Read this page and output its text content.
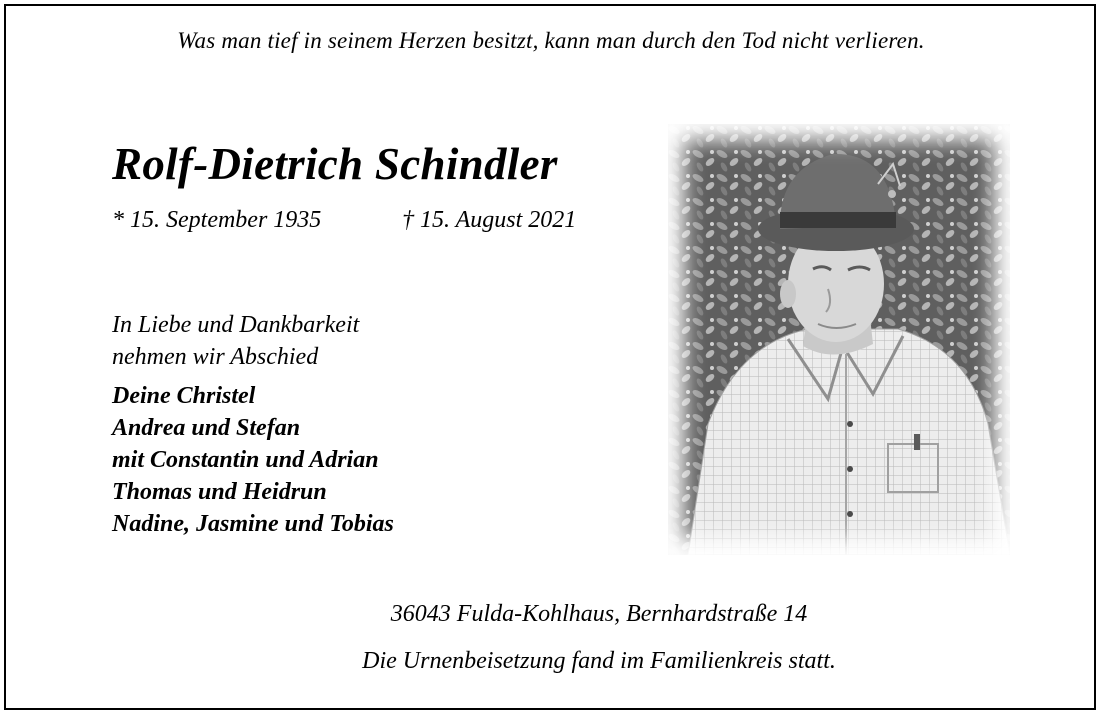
Was man tief in seinem Herzen besitzt, kann man durch den Tod nicht verlieren.
Rolf-Dietrich Schindler
* 15. September 1935	† 15. August 2021
In Liebe und Dankbarkeit
nehmen wir Abschied
Deine Christel
Andrea und Stefan
mit Constantin und Adrian
Thomas und Heidrun
Nadine, Jasmine und Tobias
36043 Fulda-Kohlhaus, Bernhardstraße 14
Die Urnenbeisetzung fand im Familienkreis statt.
